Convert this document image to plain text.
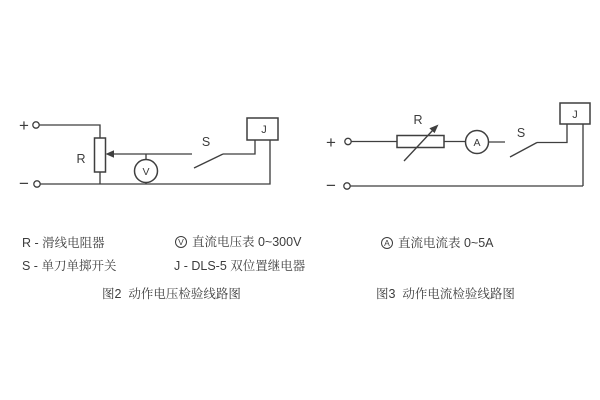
+
−
R
S
J
V
+
−
R
S
J
A
R - 滑线电阻器
S - 单刀单掷开关
V 直流电压表 0~300V
J - DLS-5 双位置继电器
图2  动作电压检验线路图
A 直流电流表 0~5A
图3  动作电流检验线路图
